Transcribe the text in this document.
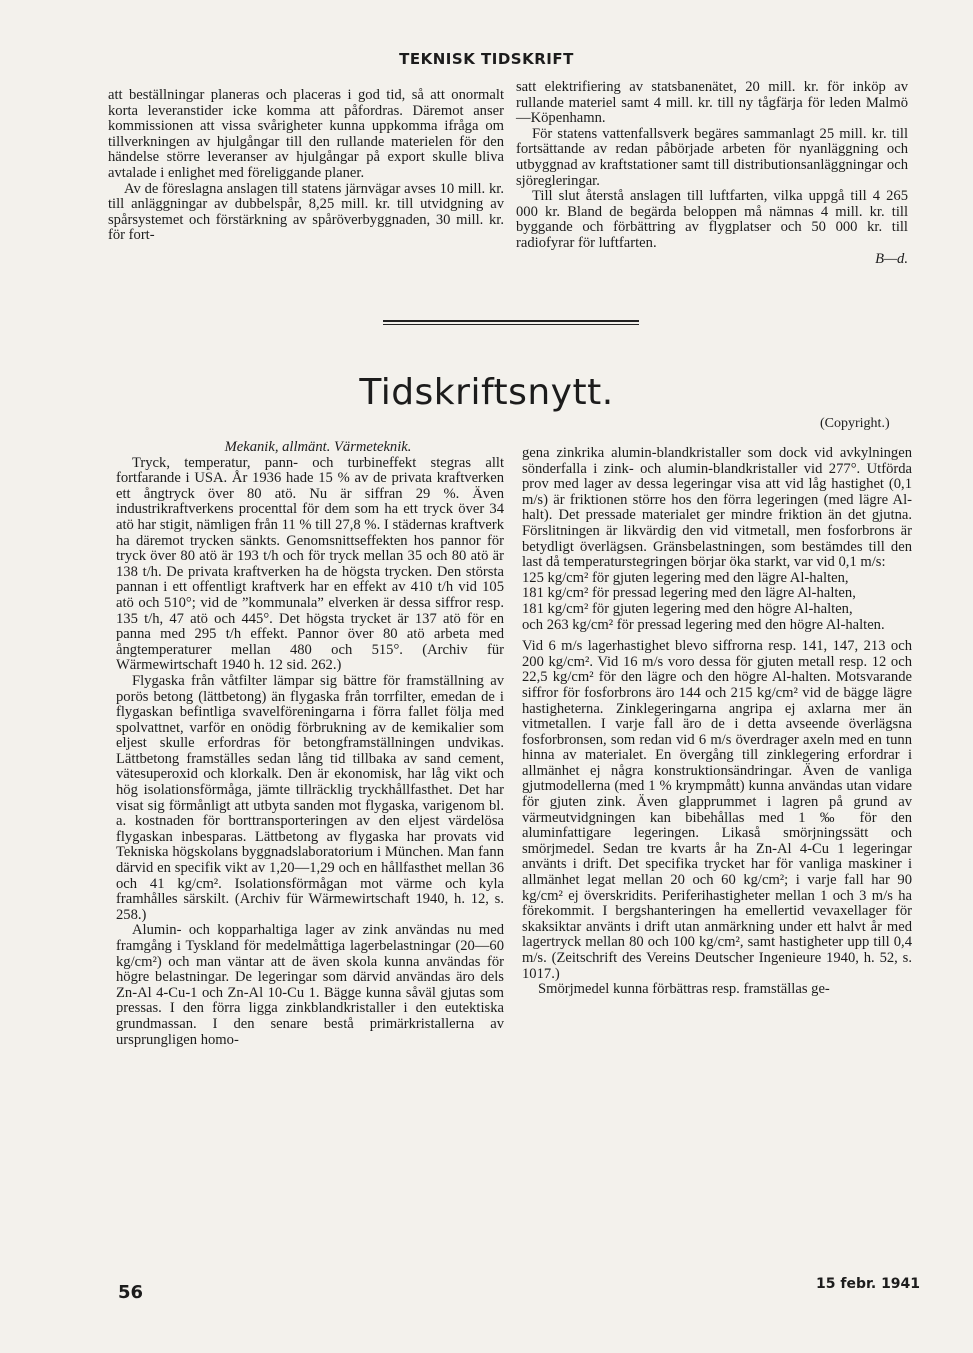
TEKNISK TIDSKRIFT

att beställningar planeras och placeras i god tid, så att onormalt korta leveranstider icke komma att påfordras. Däremot anser kommissionen att vissa svårigheter kunna uppkomma ifråga om tillverkningen av hjulgångar till den rullande materielen för den händelse större leveranser av hjulgångar på export skulle bliva avtalade i enlighet med föreliggande planer.

Av de föreslagna anslagen till statens järnvägar avses 10 mill. kr. till anläggningar av dubbelspår, 8,25 mill. kr. till utvidgning av spårsystemet och förstärkning av spåröverbyggnaden, 30 mill. kr. för fort-

satt elektrifiering av statsbanenätet, 20 mill. kr. för inköp av rullande materiel samt 4 mill. kr. till ny tågfärja för leden Malmö—Köpenhamn.

För statens vattenfallsverk begäres sammanlagt 25 mill. kr. till fortsättande av redan påbörjade arbeten för nyanläggning och utbyggnad av kraftstationer samt till distributionsanläggningar och sjöregleringar.

Till slut återstå anslagen till luftfarten, vilka uppgå till 4 265 000 kr. Bland de begärda beloppen må nämnas 4 mill. kr. till byggande och förbättring av flygplatser och 50 000 kr. till radiofyrar för luftfarten.

B—d.

Tidskriftsnytt.
(Copyright.)

Mekanik, allmänt. Värmeteknik.

Tryck, temperatur, pann- och turbineffekt stegras allt fortfarande i USA. År 1936 hade 15 % av de privata kraftverken ett ångtryck över 80 atö. Nu är siffran 29 %. Även industrikraftverkens procenttal för dem som ha ett tryck över 34 atö har stigit, nämligen från 11 % till 27,8 %. I städernas kraftverk ha däremot trycken sänkts. Genomsnittseffekten hos pannor för tryck över 80 atö är 193 t/h och för tryck mellan 35 och 80 atö är 138 t/h. De privata kraftverken ha de högsta trycken. Den största pannan i ett offentligt kraftverk har en effekt av 410 t/h vid 105 atö och 510°; vid de ”kommunala” elverken är dessa siffror resp. 135 t/h, 47 atö och 445°. Det högsta trycket är 137 atö för en panna med 295 t/h effekt. Pannor över 80 atö arbeta med ångtemperaturer mellan 480 och 515°. (Archiv für Wärmewirtschaft 1940 h. 12 sid. 262.)

Flygaska från våtfilter lämpar sig bättre för framställning av porös betong (lättbetong) än flygaska från torrfilter, emedan de i flygaskan befintliga svavelföreningarna i förra fallet följa med spolvattnet, varför en onödig förbrukning av de kemikalier som eljest skulle erfordras för betongframställningen undvikas. Lättbetong framställes sedan lång tid tillbaka av sand cement, vätesuperoxid och klorkalk. Den är ekonomisk, har låg vikt och hög isolationsförmåga, jämte tillräcklig tryckhållfasthet. Det har visat sig förmånligt att utbyta sanden mot flygaska, varigenom bl. a. kostnaden för borttransporteringen av den eljest värdelösa flygaskan inbesparas. Lättbetong av flygaska har provats vid Tekniska högskolans byggnadslaboratorium i München. Man fann därvid en specifik vikt av 1,20—1,29 och en hållfasthet mellan 36 och 41 kg/cm². Isolationsförmågan mot värme och kyla framhålles särskilt. (Archiv für Wärmewirtschaft 1940, h. 12, s. 258.)

Alumin- och kopparhaltiga lager av zink användas nu med framgång i Tyskland för medelmåttiga lagerbelastningar (20—60 kg/cm²) och man väntar att de även skola kunna användas för högre belastningar. De legeringar som därvid användas äro dels Zn-Al 4-Cu-1 och Zn-Al 10-Cu 1. Bägge kunna såväl gjutas som pressas. I den förra ligga zinkblandkristaller i den eutektiska grundmassan. I den senare bestå primärkristallerna av ursprungligen homo-

gena zinkrika alumin-blandkristaller som dock vid avkylningen sönderfalla i zink- och alumin-blandkristaller vid 277°. Utförda prov med lager av dessa legeringar visa att vid låg hastighet (0,1 m/s) är friktionen större hos den förra legeringen (med lägre Al-halt). Det pressade materialet ger mindre friktion än det gjutna. Förslitningen är likvärdig den vid vitmetall, men fosforbrons är betydligt överlägsen. Gränsbelastningen, som bestämdes till den last då temperaturstegringen börjar öka starkt, var vid 0,1 m/s:

125 kg/cm² för gjuten legering med den lägre Al-halten,

181 kg/cm² för pressad legering med den lägre Al-halten,

181 kg/cm² för gjuten legering med den högre Al-halten,

och 263 kg/cm² för pressad legering med den högre Al-halten.

Vid 6 m/s lagerhastighet blevo siffrorna resp. 141, 147, 213 och 200 kg/cm². Vid 16 m/s voro dessa för gjuten metall resp. 12 och 22,5 kg/cm² för den lägre och den högre Al-halten. Motsvarande siffror för fosforbrons äro 144 och 215 kg/cm² vid de bägge lägre hastigheterna. Zinklegeringarna angripa ej axlarna mer än vitmetallen. I varje fall äro de i detta avseende överlägsna fosforbronsen, som redan vid 6 m/s överdrager axeln med en tunn hinna av materialet. En övergång till zinklegering erfordrar i allmänhet ej några konstruktionsändringar. Även de vanliga gjutmodellerna (med 1 % krympmått) kunna användas utan vidare för gjuten zink. Även glapprummet i lagren på grund av värmeutvidgningen kan bibehållas med 1 ‰ för den aluminfattigare legeringen. Likaså smörjningssätt och smörjmedel. Sedan tre kvarts år ha Zn-Al 4-Cu 1 legeringar använts i drift. Det specifika trycket har för vanliga maskiner i allmänhet legat mellan 20 och 60 kg/cm²; i varje fall har 90 kg/cm² ej överskridits. Periferihastigheter mellan 1 och 3 m/s ha förekommit. I bergshanteringen ha emellertid vevaxellager för skaksiktar använts i drift utan anmärkning under ett halvt år med lagertryck mellan 80 och 100 kg/cm², samt hastigheter upp till 0,4 m/s. (Zeitschrift des Vereins Deutscher Ingenieure 1940, h. 52, s. 1017.)

Smörjmedel kunna förbättras resp. framställas ge-

56	15 febr. 1941
